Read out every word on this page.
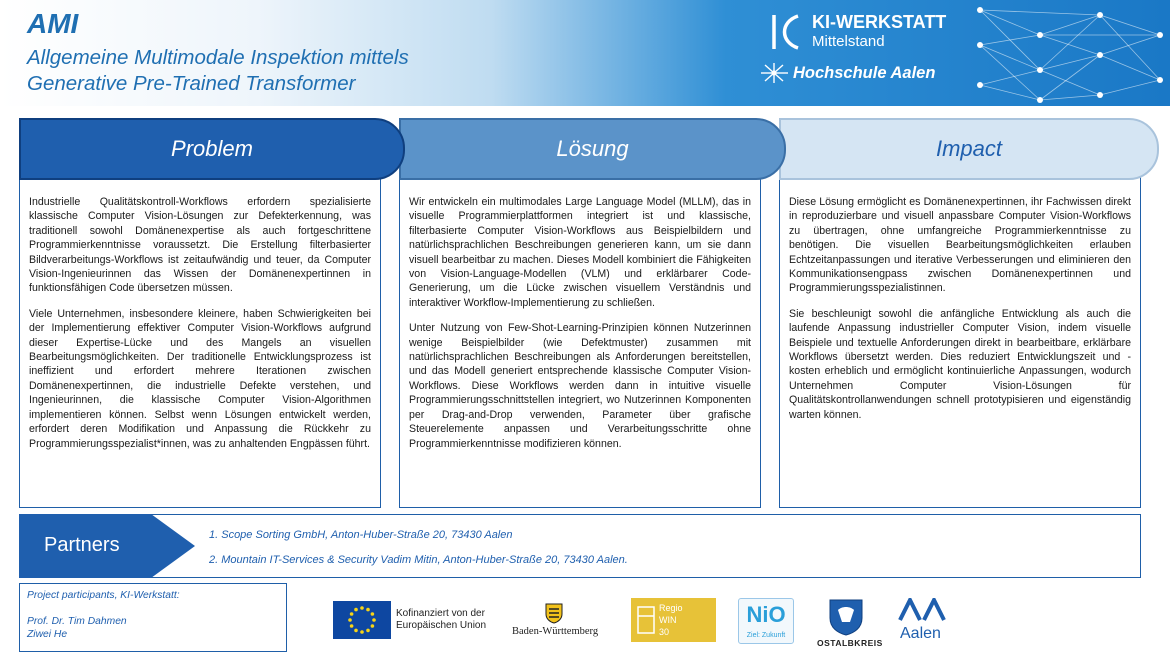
AMI
Allgemeine Multimodale Inspektion mittels
Generative Pre-Trained Transformer
KI-WERKSTATT
Mittelstand
Hochschule Aalen

Industrielle Qualitätskontroll-Workflows erfordern spezialisierte klassische Computer Vision-Lösungen zur Defekterkennung, was traditionell sowohl Domänenexpertise als auch fortgeschrittene Programmierkenntnisse voraussetzt. Die Erstellung filterbasierter Bildverarbeitungs-Workflows ist zeitaufwändig und teuer, da Computer Vision-Ingenieurinnen das Wissen der Domänenexpertinnen in funktionsfähigen Code übersetzen müssen.

Viele Unternehmen, insbesondere kleinere, haben Schwierigkeiten bei der Implementierung effektiver Computer Vision-Workflows aufgrund dieser Expertise-Lücke und des Mangels an visuellen Bearbeitungsmöglichkeiten. Der traditionelle Entwicklungsprozess ist ineffizient und erfordert mehrere Iterationen zwischen Domänenexpertinnen, die industrielle Defekte verstehen, und Ingenieurinnen, die klassische Computer Vision-Algorithmen implementieren können. Selbst wenn Lösungen entwickelt werden, erfordert deren Modifikation und Anpassung die Rückkehr zu Programmierungsspezialist*innen, was zu anhaltenden Engpässen führt.

Wir entwickeln ein multimodales Large Language Model (MLLM), das in visuelle Programmierplattformen integriert ist und klassische, filterbasierte Computer Vision-Workflows aus Beispielbildern und natürlichsprachlichen Beschreibungen generieren kann, um sie dann visuell bearbeitbar zu machen. Dieses Modell kombiniert die Fähigkeiten von Vision-Language-Modellen (VLM) und erklärbarer Code-Generierung, um die Lücke zwischen visuellem Verständnis und interaktiver Workflow-Implementierung zu schließen.

Unter Nutzung von Few-Shot-Learning-Prinzipien können Nutzerinnen wenige Beispielbilder (wie Defektmuster) zusammen mit natürlichsprachlichen Beschreibungen als Anforderungen bereitstellen, und das Modell generiert entsprechende klassische Computer Vision-Workflows. Diese Workflows werden dann in intuitive visuelle Programmierungsschnittstellen integriert, wo Nutzerinnen Komponenten per Drag-and-Drop verwenden, Parameter über grafische Steuerelemente anpassen und Verarbeitungsschritte ohne Programmierkenntnisse modifizieren können.

Diese Lösung ermöglicht es Domänenexpertinnen, ihr Fachwissen direkt in reproduzierbare und visuell anpassbare Computer Vision-Workflows zu übertragen, ohne umfangreiche Programmierkenntnisse zu benötigen. Die visuellen Bearbeitungsmöglichkeiten erlauben Echtzeitanpassungen und iterative Verbesserungen und eliminieren den Kommunikationsengpass zwischen Domänenexpertinnen und Programmierungsspezialistinnen.

Sie beschleunigt sowohl die anfängliche Entwicklung als auch die laufende Anpassung industrieller Computer Vision, indem visuelle Beispiele und textuelle Anforderungen direkt in bearbeitbare, erklärbare Workflows übersetzt werden. Dies reduziert Entwicklungszeit und -kosten erheblich und ermöglicht kontinuierliche Anpassungen, wodurch Unternehmen Computer Vision-Lösungen für Qualitätskontrollanwendungen schnell prototypisieren und eigenständig warten können.

Impact
Lösung
Problem
Partners	1. Scope Sorting GmbH, Anton-Huber-Straße 20, 73430 Aalen
2. Mountain IT-Services & Security Vadim Mitin, Anton-Huber-Straße 20, 73430 Aalen.
Project participants, KI-Werkstatt:
Prof. Dr. Tim Dahmen
Ziwei He
Kofinanziert von der
Europäischen Union
Baden-Württemberg
Regio
WIN
30
NiO
Ziel: Zukunft
OSTALBKREIS
Aalen
